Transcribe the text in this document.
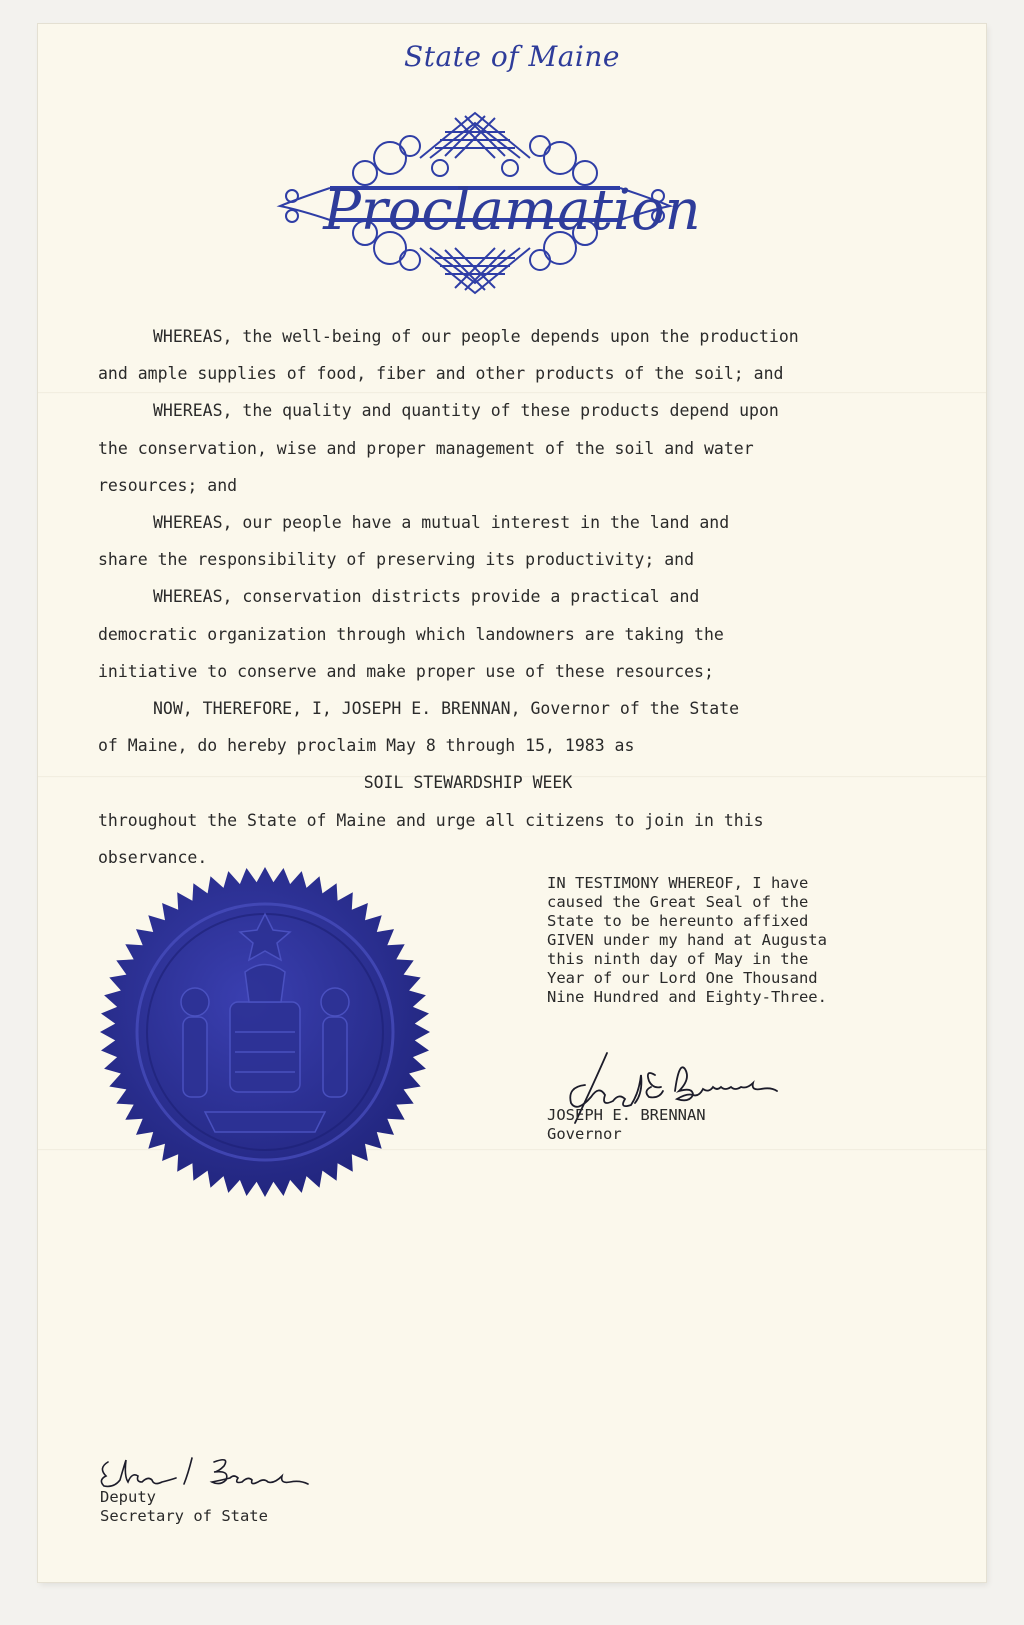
State of Maine
Proclamation

WHEREAS, the well-being of our people depends upon the production

and ample supplies of food, fiber and other products of the soil; and

WHEREAS, the quality and quantity of these products depend upon

the conservation, wise and proper management of the soil and water

resources; and

WHEREAS, our people have a mutual interest in the land and

share the responsibility of preserving its productivity; and

WHEREAS, conservation districts provide a practical and

democratic organization through which landowners are taking the

initiative to conserve and make proper use of these resources;

NOW, THEREFORE, I, JOSEPH E. BRENNAN, Governor of the State

of Maine, do hereby proclaim May 8 through 15, 1983 as

SOIL STEWARDSHIP WEEK

throughout the State of Maine and urge all citizens to join in this

observance.

IN TESTIMONY WHEREOF, I have

caused the Great Seal of the

State to be hereunto affixed

GIVEN under my hand at Augusta

this ninth day of May in the

Year of our Lord One Thousand

Nine Hundred and Eighty-Three.

JOSEPH E. BRENNAN

Governor

Deputy

Secretary of State
